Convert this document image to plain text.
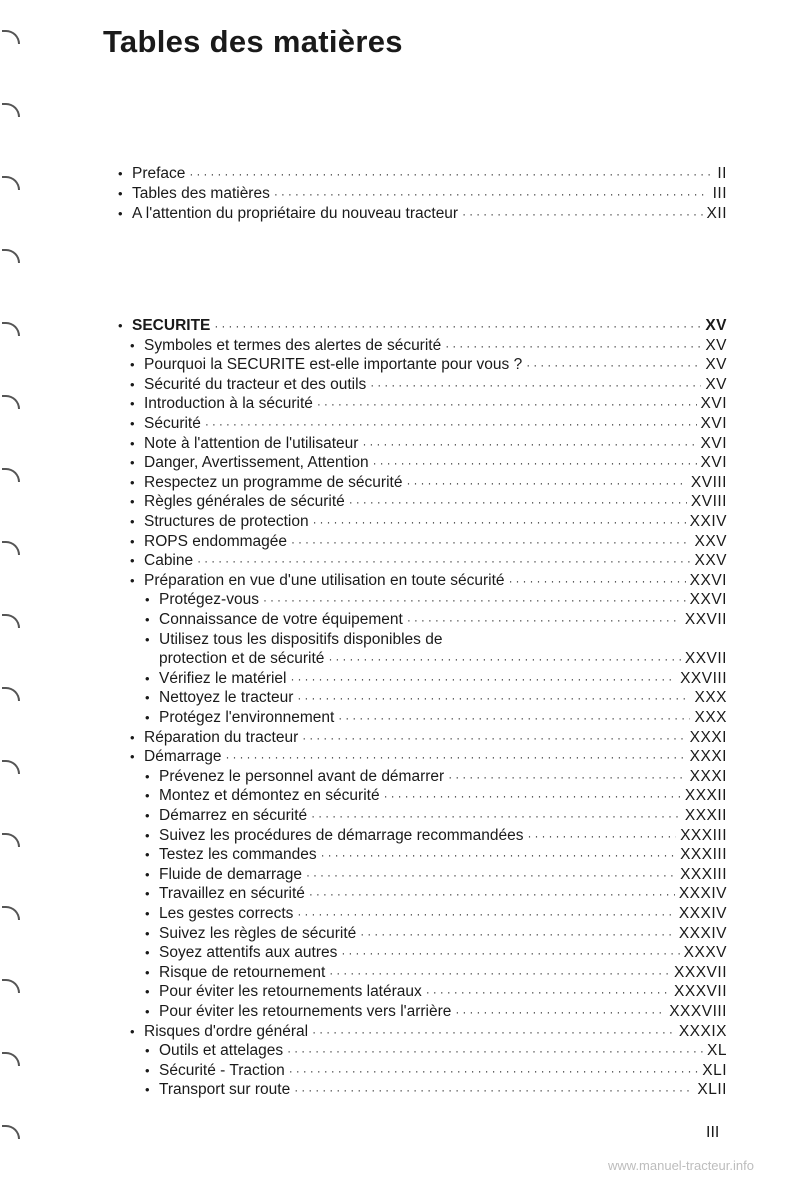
Tables des matières
• Preface ·····	II
• Tables des matières ·····	III
• A l'attention du propriétaire du nouveau tracteur ·····	XII
• SECURITE ·····	XV
• Symboles et termes des alertes de sécurité ·····	XV
• Pourquoi la SECURITE est-elle importante pour vous ? ·····	XV
• Sécurité du tracteur et des outils ·····	XV
• Introduction à la sécurité ·····	XVI
• Sécurité ·····	XVI
• Note à l'attention de l'utilisateur ·····	XVI
• Danger, Avertissement, Attention ·····	XVI
• Respectez un programme de sécurité ·····	XVIII
• Règles générales de sécurité ·····	XVIII
• Structures de protection ·····	XXIV
• ROPS endommagée ·····	XXV
• Cabine ·····	XXV
• Préparation en vue d'une utilisation en toute sécurité ·····	XXVI
• Protégez-vous ·····	XXVI
• Connaissance de votre équipement ·····	XXVII
• Utilisez tous les dispositifs disponibles de
protection et de sécurité ·····	XXVII
• Vérifiez le matériel ·····	XXVIII
• Nettoyez le tracteur ·····	XXX
• Protégez l'environnement ·····	XXX
• Réparation du tracteur ·····	XXXI
• Démarrage ·····	XXXI
• Prévenez le personnel avant de démarrer ·····	XXXI
• Montez et démontez en sécurité ·····	XXXII
• Démarrez en sécurité ·····	XXXII
• Suivez les procédures de démarrage recommandées ·····	XXXIII
• Testez les commandes ·····	XXXIII
• Fluide de demarrage ·····	XXXIII
• Travaillez en sécurité ·····	XXXIV
• Les gestes corrects ·····	XXXIV
• Suivez les règles de sécurité ·····	XXXIV
• Soyez attentifs aux autres ·····	XXXV
• Risque de retournement ·····	XXXVII
• Pour éviter les retournements latéraux ·····	XXXVII
• Pour éviter les retournements vers l'arrière ·····	XXXVIII
• Risques d'ordre général ·····	XXXIX
• Outils et attelages ·····	XL
• Sécurité - Traction ·····	XLI
• Transport sur route ·····	XLII
III
www.manuel-tracteur.info
